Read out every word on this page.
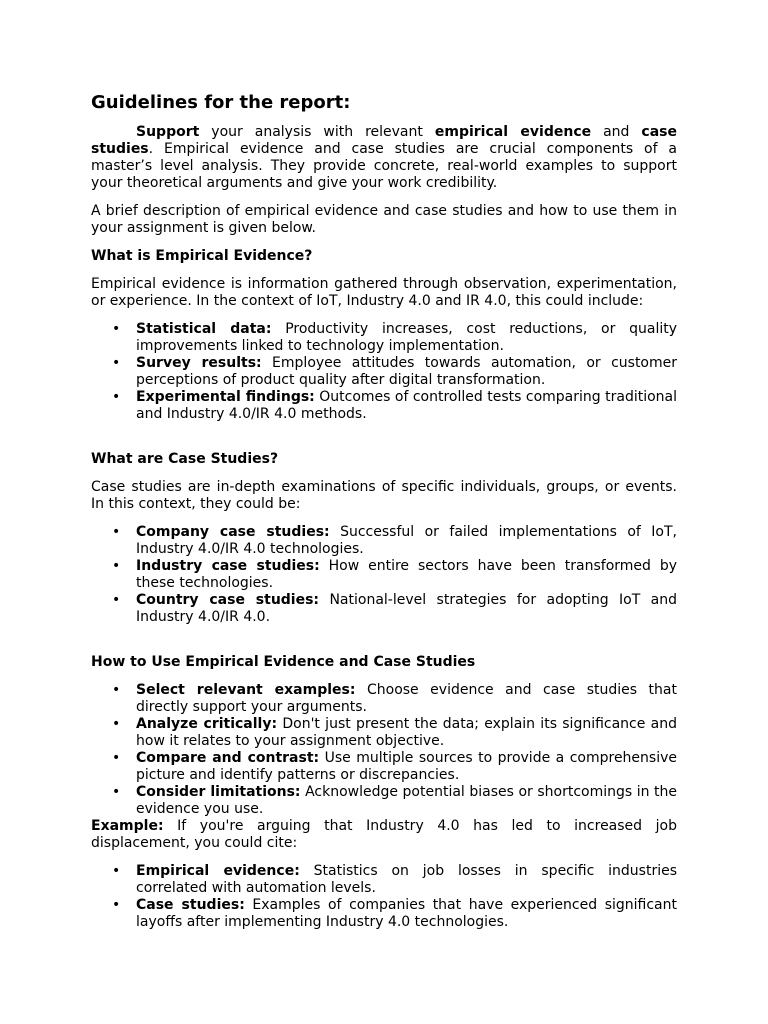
Guidelines for the report:

Support your analysis with relevant empirical evidence and case studies. Empirical evidence and case studies are crucial components of a master’s level analysis. They provide concrete, real-world examples to support your theoretical arguments and give your work credibility.

A brief description of empirical evidence and case studies and how to use them in your assignment is given below.

What is Empirical Evidence?

Empirical evidence is information gathered through observation, experimentation, or experience. In the context of IoT, Industry 4.0 and IR 4.0, this could include:

• Statistical data: Productivity increases, cost reductions, or quality improvements linked to technology implementation.
• Survey results: Employee attitudes towards automation, or customer perceptions of product quality after digital transformation.
• Experimental findings: Outcomes of controlled tests comparing traditional and Industry 4.0/IR 4.0 methods.
What are Case Studies?

Case studies are in-depth examinations of specific individuals, groups, or events. In this context, they could be:

• Company case studies: Successful or failed implementations of IoT, Industry 4.0/IR 4.0 technologies.
• Industry case studies: How entire sectors have been transformed by these technologies.
• Country case studies: National-level strategies for adopting IoT and Industry 4.0/IR 4.0.
How to Use Empirical Evidence and Case Studies
• Select relevant examples: Choose evidence and case studies that directly support your arguments.
• Analyze critically: Don't just present the data; explain its significance and how it relates to your assignment objective.
• Compare and contrast: Use multiple sources to provide a comprehensive picture and identify patterns or discrepancies.
• Consider limitations: Acknowledge potential biases or shortcomings in the evidence you use.

Example: If you're arguing that Industry 4.0 has led to increased job displacement, you could cite:

• Empirical evidence: Statistics on job losses in specific industries correlated with automation levels.
• Case studies: Examples of companies that have experienced significant layoffs after implementing Industry 4.0 technologies.
